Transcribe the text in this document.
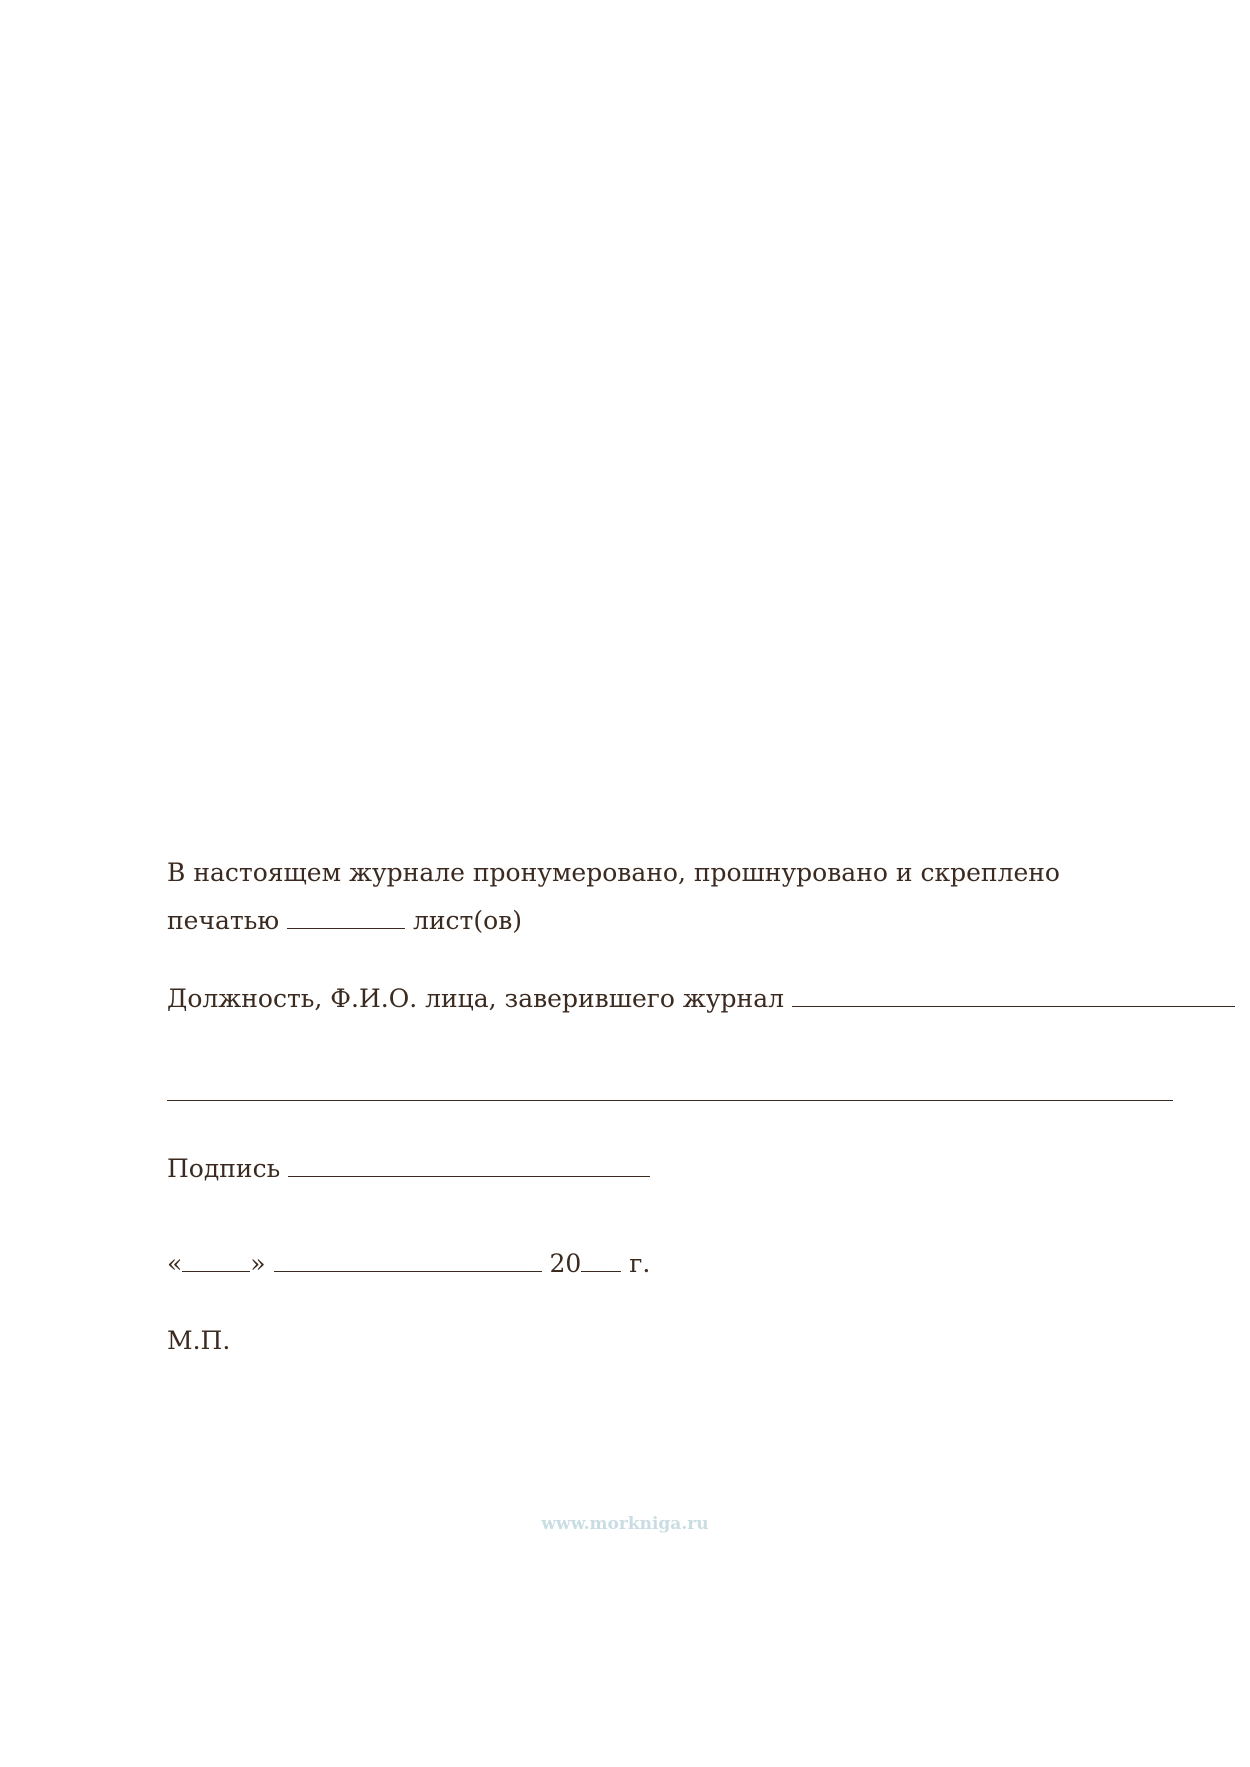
В настоящем журнале пронумеровано, прошнуровано и скреплено
печатью	лист(ов)
Должность, Ф.И.О. лица, заверившего журнал
Подпись
«	»	20 г.
М.П.
www.morkniga.ru
